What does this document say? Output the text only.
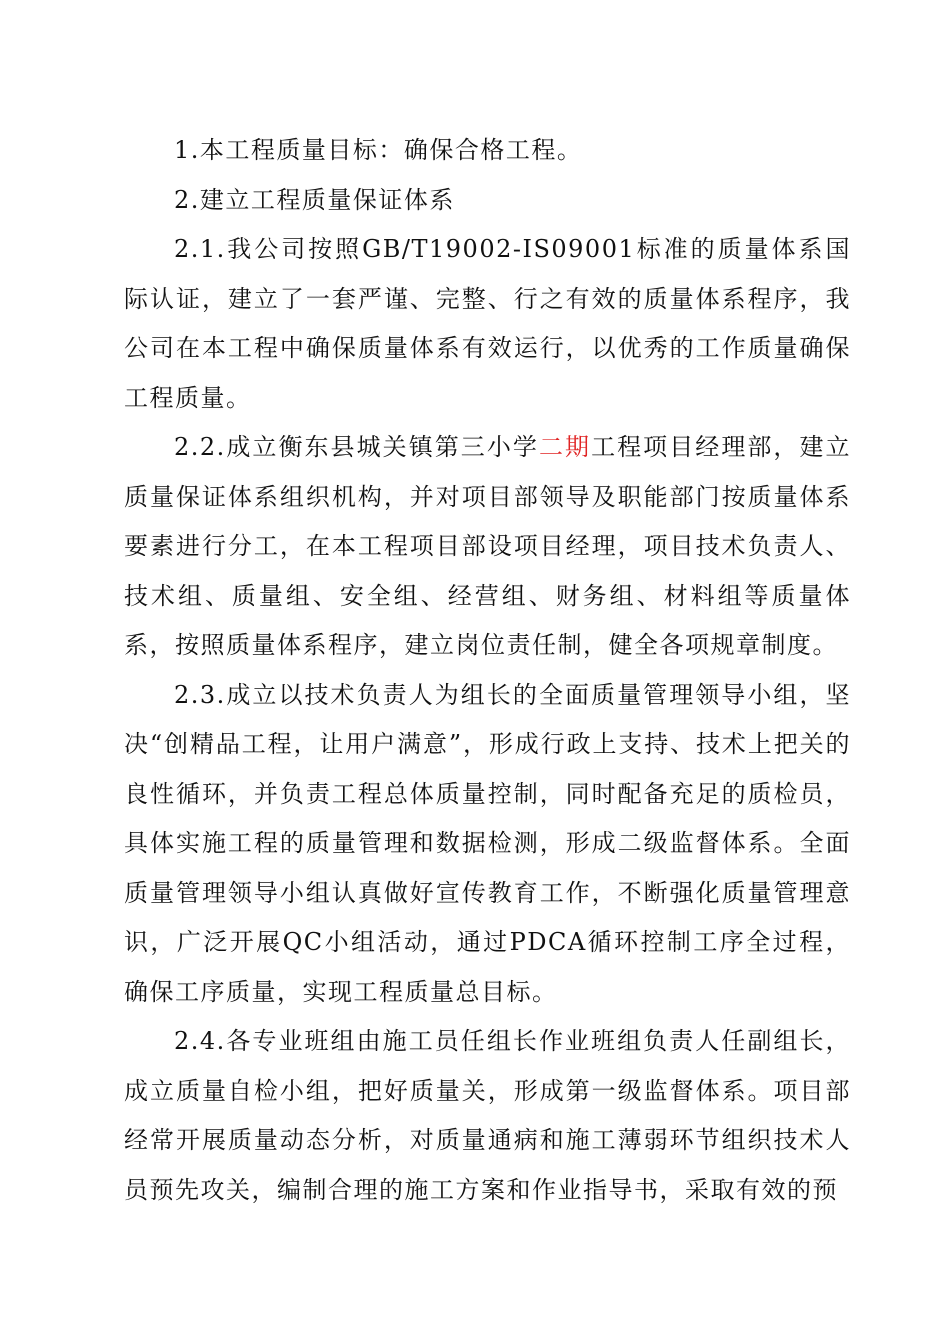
1.本工程质量目标：确保合格工程。

2.建立工程质量保证体系

2.1.我公司按照GB/T19002-IS09001标准的质量体系国际认证，建立了一套严谨、完整、行之有效的质量体系程序，我公司在本工程中确保质量体系有效运行，以优秀的工作质量确保工程质量。

2.2.成立衡东县城关镇第三小学二期工程项目经理部，建立质量保证体系组织机构，并对项目部领导及职能部门按质量体系要素进行分工，在本工程项目部设项目经理，项目技术负责人、技术组、质量组、安全组、经营组、财务组、材料组等质量体系，按照质量体系程序，建立岗位责任制，健全各项规章制度。

2.3.成立以技术负责人为组长的全面质量管理领导小组，坚决“创精品工程，让用户满意”，形成行政上支持、技术上把关的良性循环，并负责工程总体质量控制，同时配备充足的质检员，具体实施工程的质量管理和数据检测，形成二级监督体系。全面质量管理领导小组认真做好宣传教育工作，不断强化质量管理意识，广泛开展QC小组活动，通过PDCA循环控制工序全过程，确保工序质量，实现工程质量总目标。

2.4.各专业班组由施工员任组长作业班组负责人任副组长，成立质量自检小组，把好质量关，形成第一级监督体系。项目部经常开展质量动态分析，对质量通病和施工薄弱环节组织技术人员预先攻关，编制合理的施工方案和作业指导书，采取有效的预
